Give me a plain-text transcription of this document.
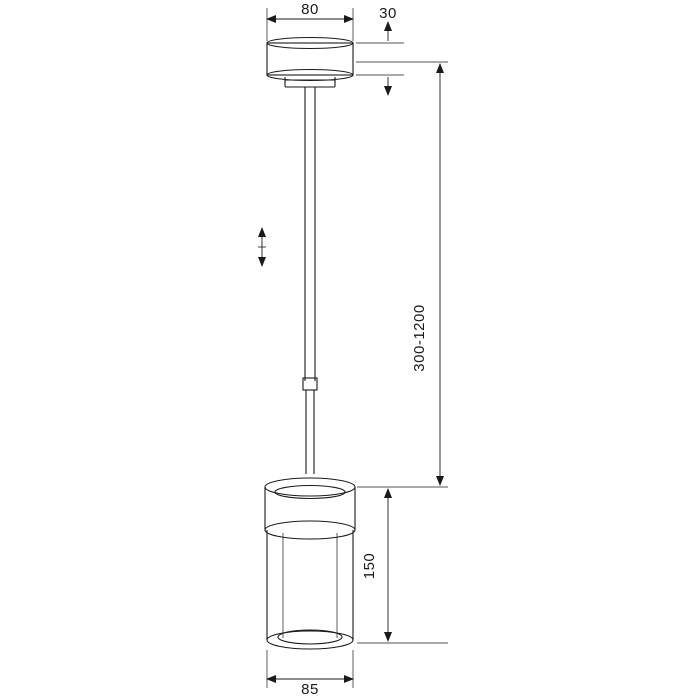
80	30
300-1200
150
85
